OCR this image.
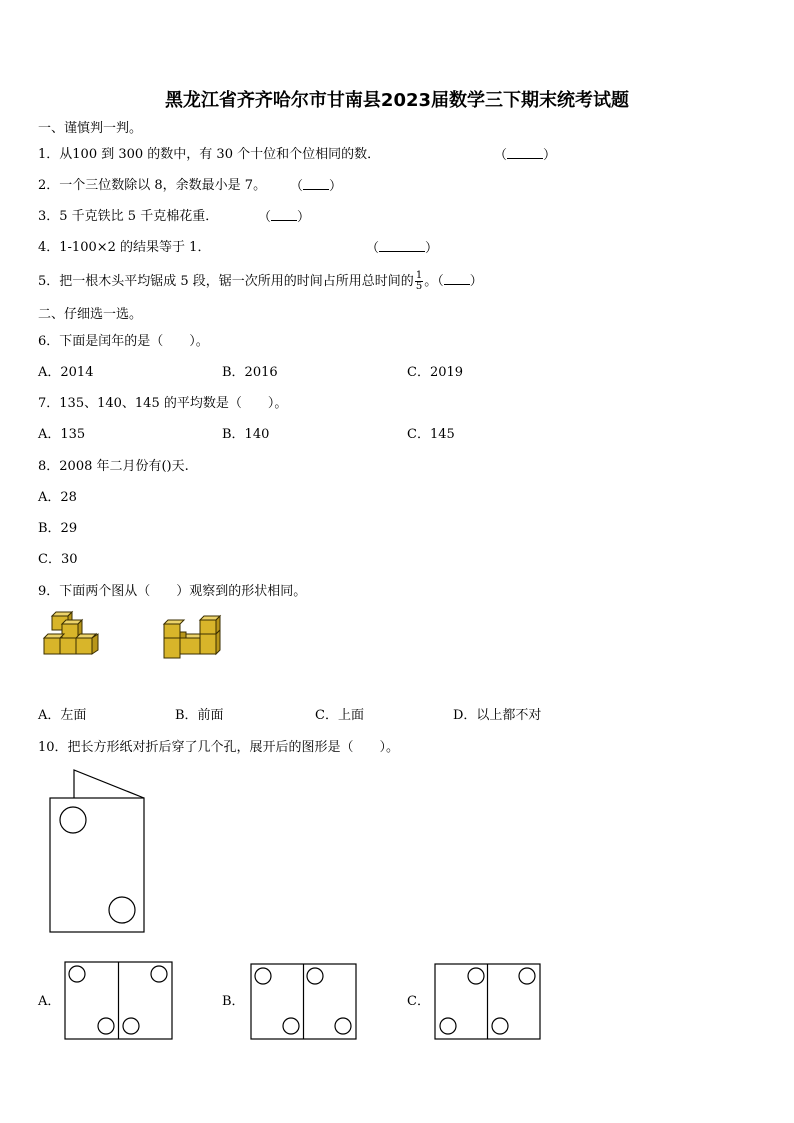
黑龙江省齐齐哈尔市甘南县2023届数学三下期末统考试题
一、谨慎判一判。
1．从100 到 300 的数中，有 30 个十位和个位相同的数．	（	）
2．一个三位数除以 8，余数最小是 7。 （ ）
3．5 千克铁比 5 千克棉花重．	（ ）
4．1-100×2 的结果等于 1．	（	）
5．把一根木头平均锯成 5 段，锯一次所用的时间占所用总时间的 $\frac{1}{5}$ 。（ ）
二、仔细选一选。
6．下面是闰年的是（　　）。
A．2014	B．2016	C．2019
7．135、140、145 的平均数是（　　）。
A．135	B．140	C．145
8．2008 年二月份有()天.
A．28
B．29
C．30
9．下面两个图从（　　）观察到的形状相同。
A．左面	B．前面	C．上面	D．以上都不对
10．把长方形纸对折后穿了几个孔，展开后的图形是（　　）。
A．	B．	C．
